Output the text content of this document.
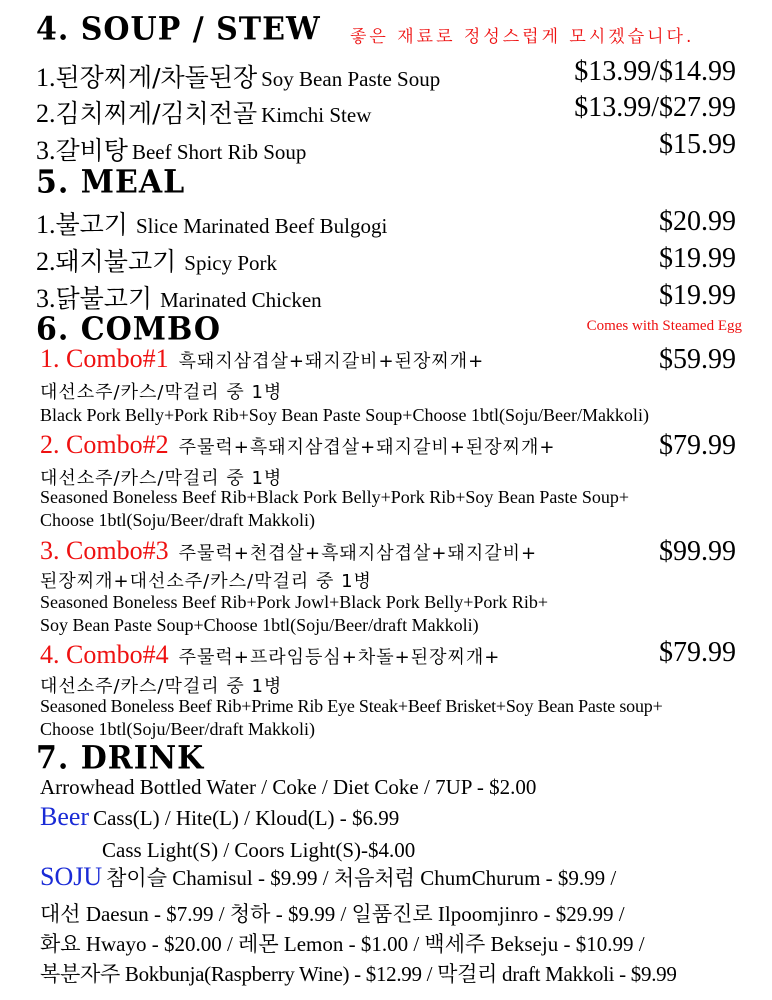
4. SOUP / STEW 좋은 재료로 정성스럽게 모시겠습니다.
1.된장찌게/차돌된장 Soy Bean Paste Soup	$13.99/$14.99
2.김치찌게/김치전골 Kimchi Stew	$13.99/$27.99
3.갈비탕 Beef Short Rib Soup	$15.99
5. MEAL
1.불고기 Slice Marinated Beef Bulgogi	$20.99
2.돼지불고기 Spicy Pork	$19.99
3.닭불고기 Marinated Chicken	$19.99
6. COMBO	Comes with Steamed Egg
1. Combo#1 흑돼지삼겹살+돼지갈비+된장찌개+	$59.99
대선소주/카스/막걸리 중 1병
Black Pork Belly+Pork Rib+Soy Bean Paste Soup+Choose 1btl(Soju/Beer/Makkoli)
2. Combo#2 주물럭+흑돼지삼겹살+돼지갈비+된장찌개+	$79.99
대선소주/카스/막걸리 중 1병
Seasoned Boneless Beef Rib+Black Pork Belly+Pork Rib+Soy Bean Paste Soup+
Choose 1btl(Soju/Beer/draft Makkoli)
3. Combo#3 주물럭+천겹살+흑돼지삼겹살+돼지갈비+	$99.99
된장찌개+대선소주/카스/막걸리 중 1병
Seasoned Boneless Beef Rib+Pork Jowl+Black Pork Belly+Pork Rib+
Soy Bean Paste Soup+Choose 1btl(Soju/Beer/draft Makkoli)
4. Combo#4 주물럭+프라임등심+차돌+된장찌개+	$79.99
대선소주/카스/막걸리 중 1병
Seasoned Boneless Beef Rib+Prime Rib Eye Steak+Beef Brisket+Soy Bean Paste soup+
Choose 1btl(Soju/Beer/draft Makkoli)
7. DRINK
Arrowhead Bottled Water / Coke / Diet Coke / 7UP - $2.00
Beer Cass(L) / Hite(L) / Kloud(L) - $6.99
Cass Light(S) / Coors Light(S)-$4.00
SOJU 참이슬 Chamisul - $9.99 / 처음처럼 ChumChurum - $9.99 /
대선 Daesun - $7.99 / 청하 - $9.99 / 일품진로 Ilpoomjinro - $29.99 /
화요 Hwayo - $20.00 / 레몬 Lemon - $1.00 / 백세주 Bekseju - $10.99 /
복분자주 Bokbunja(Raspberry Wine) - $12.99 / 막걸리 draft Makkoli - $9.99
